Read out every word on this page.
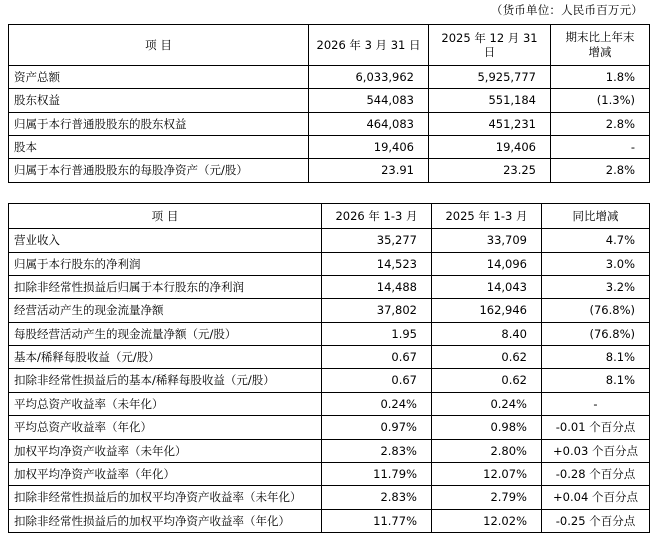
（货币单位：人民币百万元）
项 目	2026 年 3 月 31 日	2025 年 12 月 31 日	期末比上年末
增减

资产总额	6,033,962	5,925,777	1.8%
股东权益	544,083	551,184	(1.3%)
归属于本行普通股股东的股东权益	464,083	451,231	2.8%
股本	19,406	19,406	-
归属于本行普通股股东的每股净资产（元/股）	23.91	23.25	2.8%
项 目	2026 年 1-3 月	2025 年 1-3 月	同比增减
营业收入	35,277	33,709	4.7%
归属于本行股东的净利润	14,523	14,096	3.0%
扣除非经常性损益后归属于本行股东的净利润	14,488	14,043	3.2%
经营活动产生的现金流量净额	37,802	162,946	(76.8%)
每股经营活动产生的现金流量净额（元/股）	1.95	8.40	(76.8%)
基本/稀释每股收益（元/股）	0.67	0.62	8.1%
扣除非经常性损益后的基本/稀释每股收益（元/股）	0.67	0.62	8.1%
平均总资产收益率（未年化）	0.24%	0.24%	-
平均总资产收益率（年化）	0.97%	0.98%	-0.01 个百分点
加权平均净资产收益率（未年化）	2.83%	2.80%	+0.03 个百分点
加权平均净资产收益率（年化）	11.79%	12.07%	-0.28 个百分点
扣除非经常性损益后的加权平均净资产收益率（未年化）	2.83%	2.79%	+0.04 个百分点
扣除非经常性损益后的加权平均净资产收益率（年化）	11.77%	12.02%	-0.25 个百分点
